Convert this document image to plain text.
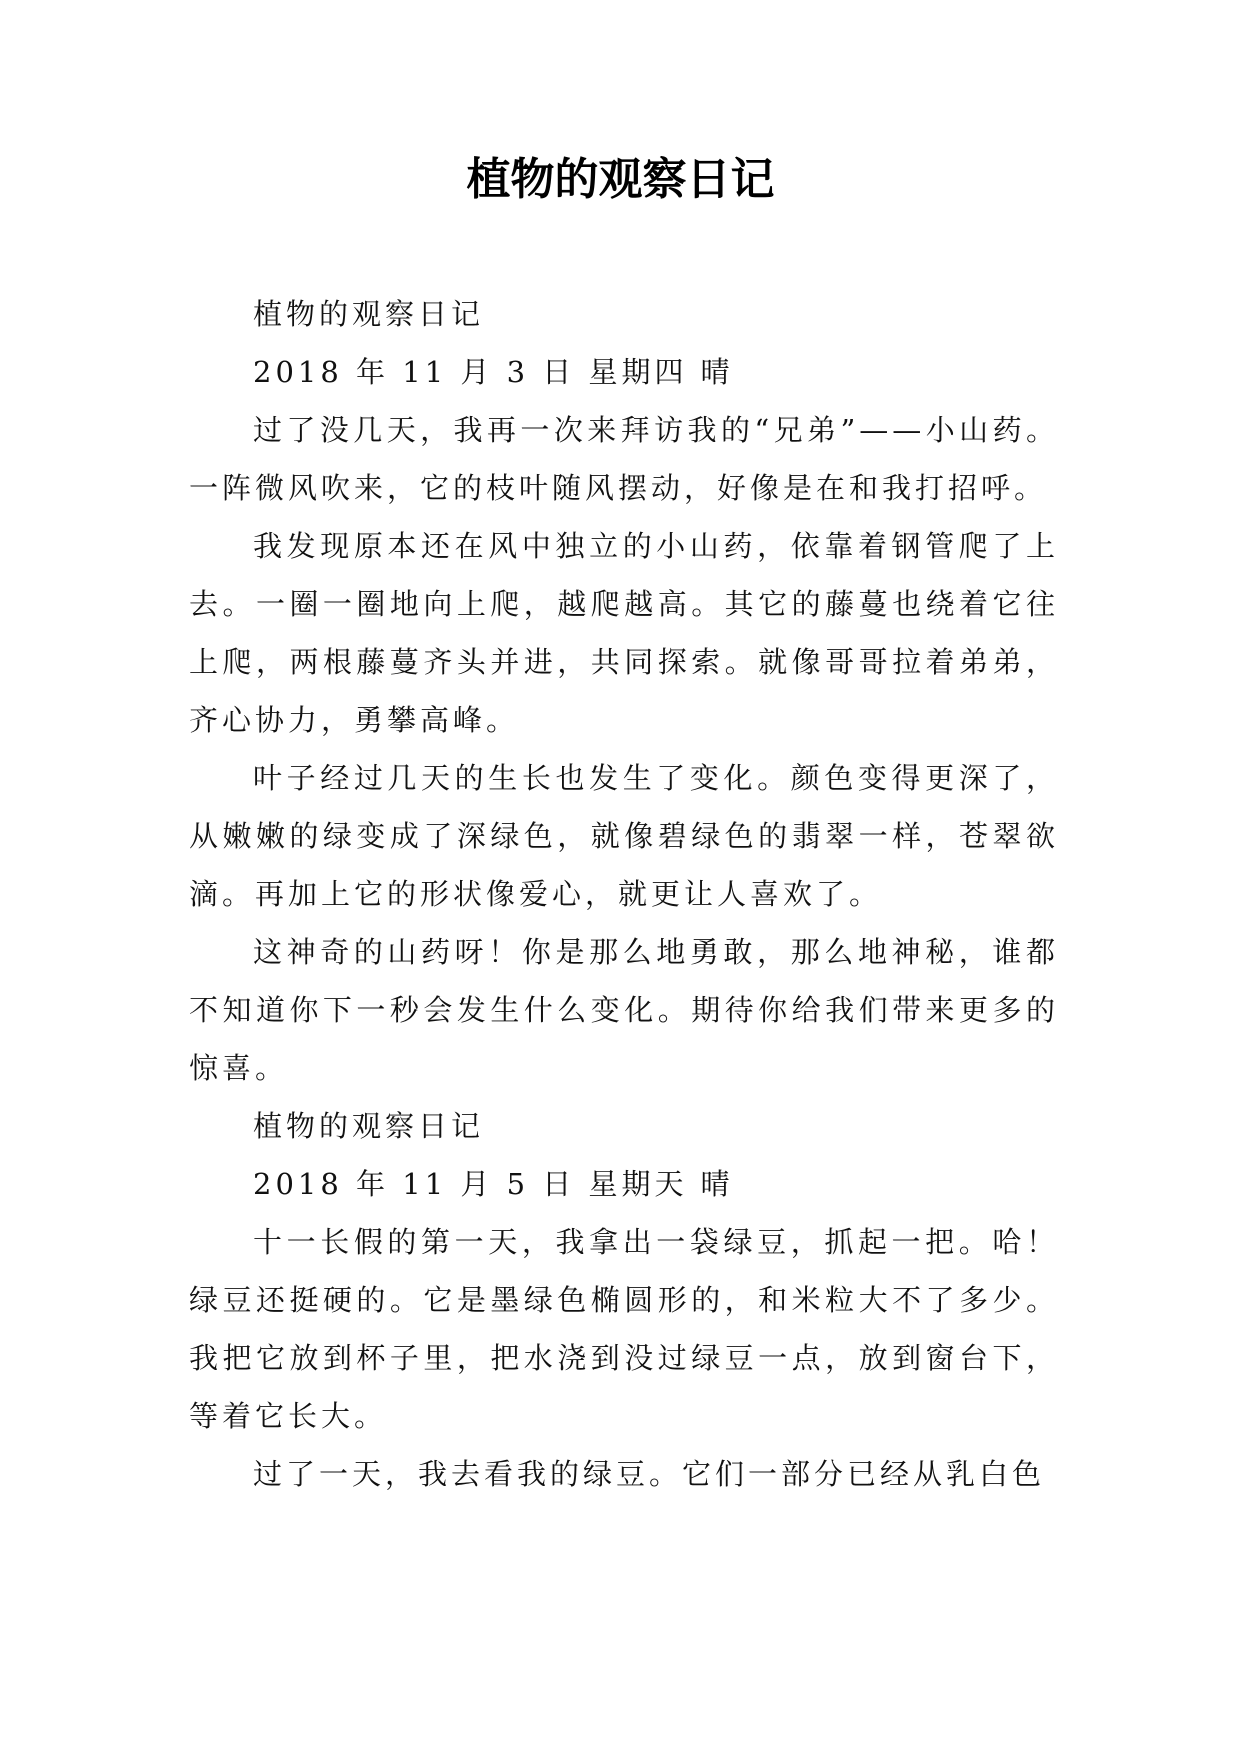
植物的观察日记

植物的观察日记

2018 年 11 月 3 日 星期四 晴

过了没几天，我再一次来拜访我的“兄弟”——小山药。一阵微风吹来，它的枝叶随风摆动，好像是在和我打招呼。

我发现原本还在风中独立的小山药，依靠着钢管爬了上去。一圈一圈地向上爬，越爬越高。其它的藤蔓也绕着它往上爬，两根藤蔓齐头并进，共同探索。就像哥哥拉着弟弟，齐心协力，勇攀高峰。

叶子经过几天的生长也发生了变化。颜色变得更深了，从嫩嫩的绿变成了深绿色，就像碧绿色的翡翠一样，苍翠欲滴。再加上它的形状像爱心，就更让人喜欢了。

这神奇的山药呀！你是那么地勇敢，那么地神秘，谁都不知道你下一秒会发生什么变化。期待你给我们带来更多的惊喜。

植物的观察日记

2018 年 11 月 5 日 星期天 晴

十一长假的第一天，我拿出一袋绿豆，抓起一把。哈！绿豆还挺硬的。它是墨绿色椭圆形的，和米粒大不了多少。我把它放到杯子里，把水浇到没过绿豆一点，放到窗台下，等着它长大。

过了一天，我去看我的绿豆。它们一部分已经从乳白色
